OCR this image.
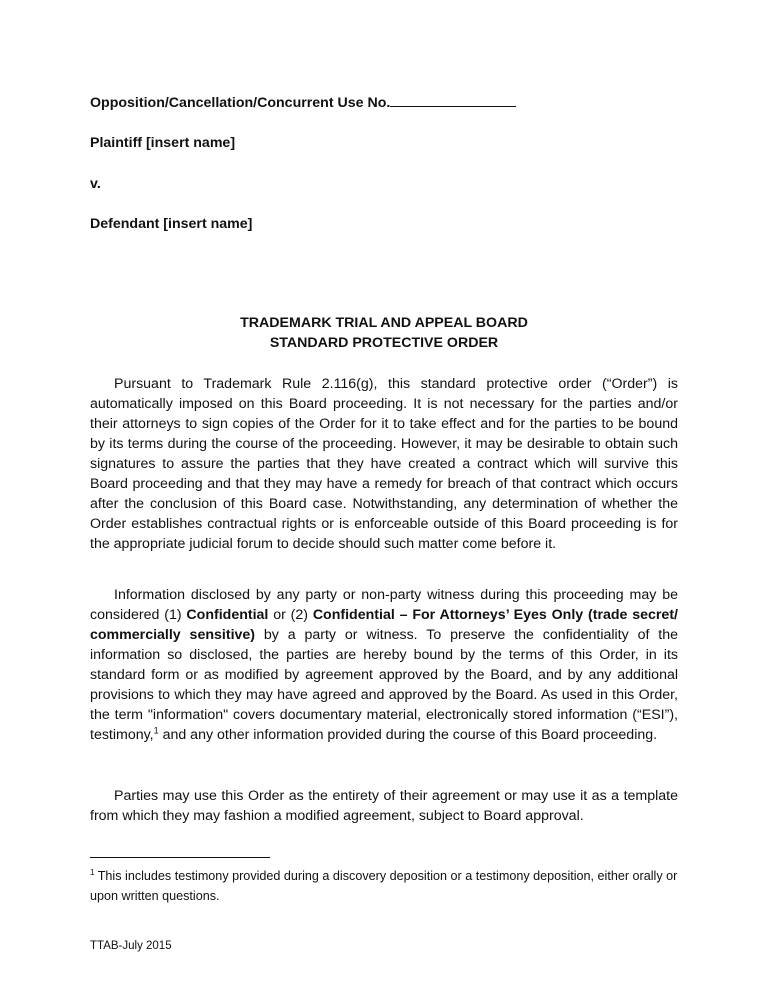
Opposition/Cancellation/Concurrent Use No.
Plaintiff [insert name]
v.
Defendant [insert name]
TRADEMARK TRIAL AND APPEAL BOARD
STANDARD PROTECTIVE ORDER
Pursuant to Trademark Rule 2.116(g), this standard protective order (“Order”) is automatically imposed on this Board proceeding. It is not necessary for the parties and/or their attorneys to sign copies of the Order for it to take effect and for the parties to be bound by its terms during the course of the proceeding. However, it may be desirable to obtain such signatures to assure the parties that they have created a contract which will survive this Board proceeding and that they may have a remedy for breach of that contract which occurs after the conclusion of this Board case. Notwithstanding, any determination of whether the Order establishes contractual rights or is enforceable outside of this Board proceeding is for the appropriate judicial forum to decide should such matter come before it.
Information disclosed by any party or non-party witness during this proceeding may be considered (1) Confidential or (2) Confidential – For Attorneys’ Eyes Only (trade secret/ commercially sensitive) by a party or witness. To preserve the confidentiality of the information so disclosed, the parties are hereby bound by the terms of this Order, in its standard form or as modified by agreement approved by the Board, and by any additional provisions to which they may have agreed and approved by the Board. As used in this Order, the term "information" covers documentary material, electronically stored information (“ESI”), testimony,$^1$ and any other information provided during the course of this Board proceeding.
Parties may use this Order as the entirety of their agreement or may use it as a template from which they may fashion a modified agreement, subject to Board approval.
$^1$ This includes testimony provided during a discovery deposition or a testimony deposition, either orally or upon written questions.
TTAB-July 2015
